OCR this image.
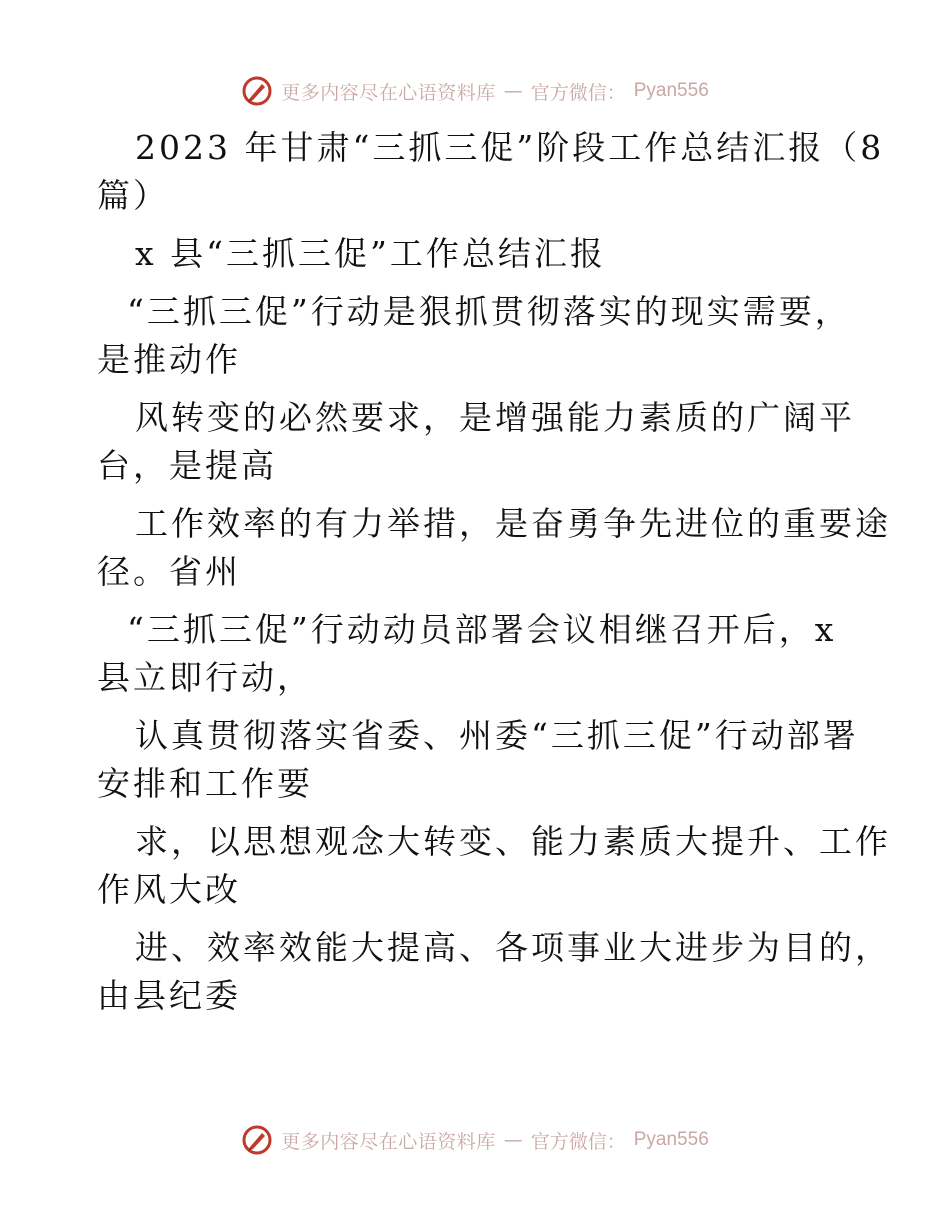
更多内容尽在心语资料库 — 官方微信： Pyan556
2023 年甘肃“三抓三促”阶段工作总结汇报（8
篇）
x 县“三抓三促”工作总结汇报
“三抓三促”行动是狠抓贯彻落实的现实需要，
是推动作
风转变的必然要求，是增强能力素质的广阔平
台，是提高
工作效率的有力举措，是奋勇争先进位的重要途
径。省州
“三抓三促”行动动员部署会议相继召开后，x
县立即行动，
认真贯彻落实省委、州委“三抓三促”行动部署
安排和工作要
求，以思想观念大转变、能力素质大提升、工作
作风大改
进、效率效能大提高、各项事业大进步为目的，
由县纪委
更多内容尽在心语资料库 — 官方微信： Pyan556
